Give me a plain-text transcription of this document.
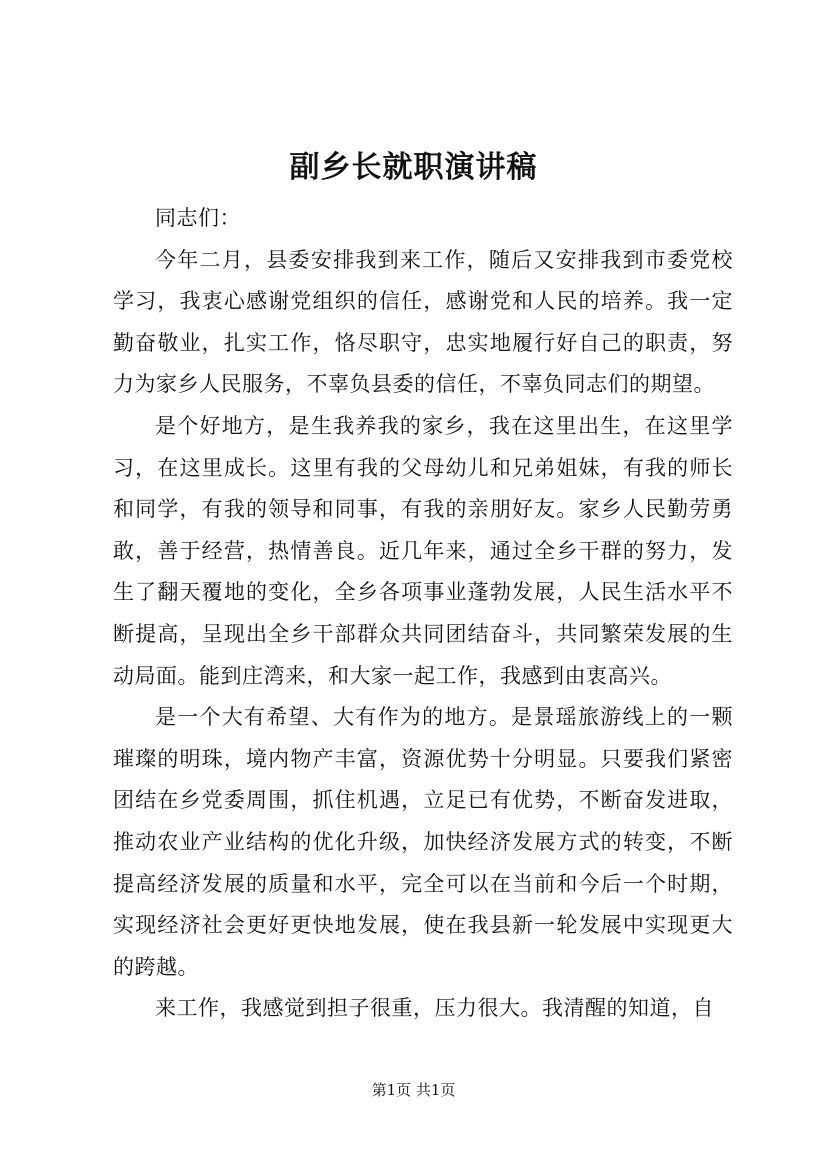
副乡长就职演讲稿

同志们：

今年二月，县委安排我到来工作，随后又安排我到市委党校学习，我衷心感谢党组织的信任，感谢党和人民的培养。我一定勤奋敬业，扎实工作，恪尽职守，忠实地履行好自己的职责，努力为家乡人民服务，不辜负县委的信任，不辜负同志们的期望。

是个好地方，是生我养我的家乡，我在这里出生，在这里学习，在这里成长。这里有我的父母幼儿和兄弟姐妹，有我的师长和同学，有我的领导和同事，有我的亲朋好友。家乡人民勤劳勇敢，善于经营，热情善良。近几年来，通过全乡干群的努力，发生了翻天覆地的变化，全乡各项事业蓬勃发展，人民生活水平不断提高，呈现出全乡干部群众共同团结奋斗，共同繁荣发展的生动局面。能到庄湾来，和大家一起工作，我感到由衷高兴。

是一个大有希望、大有作为的地方。是景瑶旅游线上的一颗璀璨的明珠，境内物产丰富，资源优势十分明显。只要我们紧密团结在乡党委周围，抓住机遇，立足已有优势，不断奋发进取，推动农业产业结构的优化升级，加快经济发展方式的转变，不断提高经济发展的质量和水平，完全可以在当前和今后一个时期，实现经济社会更好更快地发展，使在我县新一轮发展中实现更大的跨越。

来工作，我感觉到担子很重，压力很大。我清醒的知道，自

第1页 共1页
